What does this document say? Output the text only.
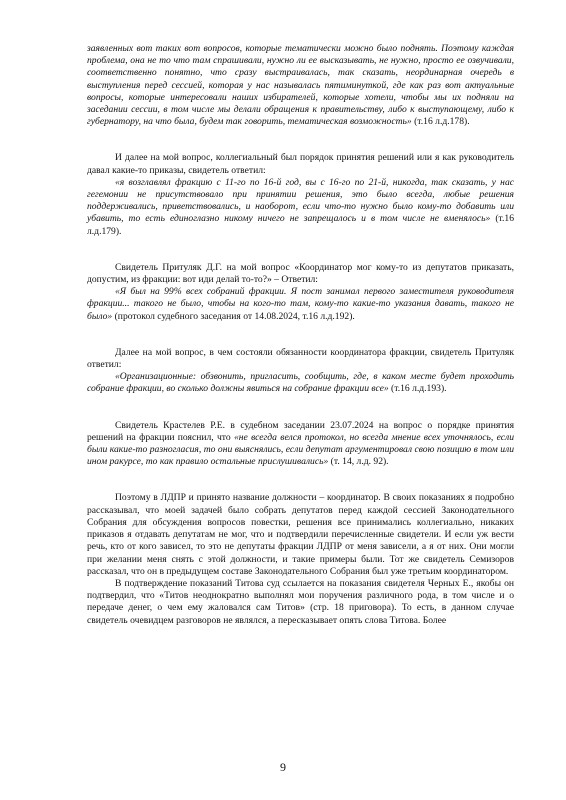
заявленных вот таких вот вопросов, которые тематически можно было поднять. Поэтому каждая проблема, она не то что там спрашивали, нужно ли ее высказывать, не нужно, просто ее озвучивали, соответственно понятно, что сразу выстраивалась, так сказать, неординарная очередь в выступления перед сессией, которая у нас называлась пятиминуткой, где как раз вот актуальные вопросы, которые интересовали наших избирателей, которые хотели, чтобы мы их подняли на заседании сессии, в том числе мы делали обращения к правительству, либо к выступающему, либо к губернатору, на что была, будем так говорить, тематическая возможность» (т.16 л.д.178).

И далее на мой вопрос, коллегиальный был порядок принятия решений или я как руководитель давал какие-то приказы, свидетель ответил:

«я возглавлял фракцию с 11-го по 16-й год, вы с 16-го по 21-й, никогда, так сказать, у нас гегемонии не присутствовало при принятии решения, это было всегда, любые решения поддерживались, приветствовались, и наоборот, если что-то нужно было кому-то добавить или убавить, то есть единоглазно никому ничего не запрещалось и в том числе не вменялось» (т.16 л.д.179).

Свидетель Притуляк Д.Г. на мой вопрос «Координатор мог кому-то из депутатов приказать, допустим, из фракции: вот иди делай то-то?» – Ответил:

«Я был на 99% всех собраний фракции. Я пост занимал первого заместителя руководителя фракции... такого не было, чтобы на кого-то там, кому-то какие-то указания давать, такого не было» (протокол судебного заседания от 14.08.2024, т.16 л.д.192).

Далее на мой вопрос, в чем состояли обязанности координатора фракции, свидетель Притуляк ответил:

«Организационные: обзвонить, пригласить, сообщить, где, в каком месте будет проходить собрание фракции, во сколько должны явиться на собрание фракции все» (т.16 л.д.193).

Свидетель Крастелев Р.Е. в судебном заседании 23.07.2024 на вопрос о порядке принятия решений на фракции пояснил, что «не всегда велся протокол, но всегда мнение всех уточнялось, если были какие-то разногласия, то они выяснялись, если депутат аргументировал свою позицию в том или ином ракурсе, то как правило остальные прислушивались» (т. 14, л.д. 92).

Поэтому в ЛДПР и принято название должности – координатор. В своих показаниях я подробно рассказывал, что моей задачей было собрать депутатов перед каждой сессией Законодательного Собрания для обсуждения вопросов повестки, решения все принимались коллегиально, никаких приказов я отдавать депутатам не мог, что и подтвердили перечисленные свидетели. И если уж вести речь, кто от кого зависел, то это не депутаты фракции ЛДПР от меня зависели, а я от них. Они могли при желании меня снять с этой должности, и такие примеры были. Тот же свидетель Семизоров рассказал, что он в предыдущем составе Законодательного Собрания был уже третьим координатором.

В подтверждение показаний Титова суд ссылается на показания свидетеля Черных Е., якобы он подтвердил, что «Титов неоднократно выполнял мои поручения различного рода, в том числе и о передаче денег, о чем ему жаловался сам Титов» (стр. 18 приговора). То есть, в данном случае свидетель очевидцем разговоров не являлся, а пересказывает опять слова Титова. Более

9
